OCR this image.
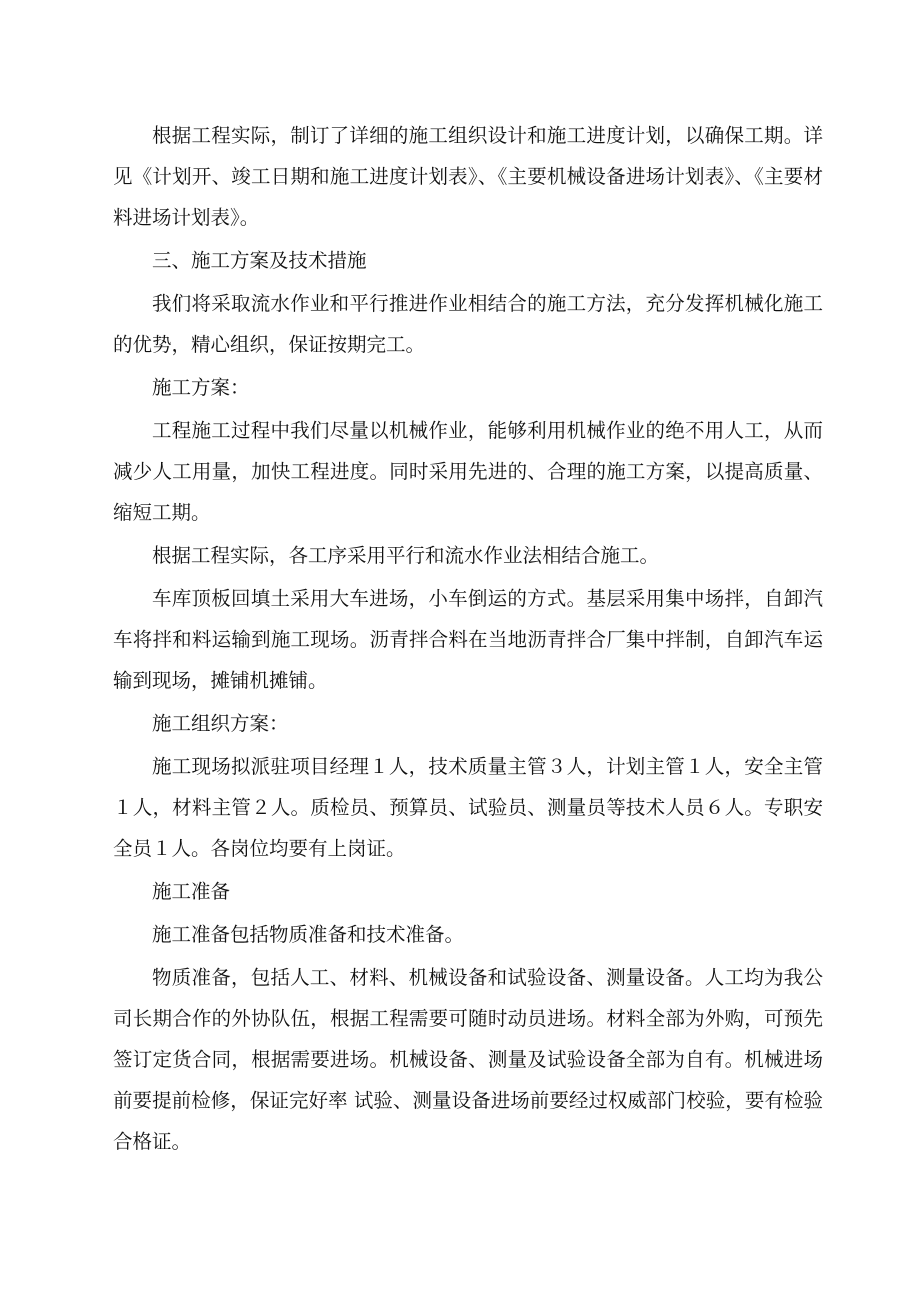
根据工程实际，制订了详细的施工组织设计和施工进度计划，以确保工期。详见《计划开、竣工日期和施工进度计划表》、《主要机械设备进场计划表》、《主要材料进场计划表》。

三、施工方案及技术措施

我们将采取流水作业和平行推进作业相结合的施工方法，充分发挥机械化施工的优势，精心组织，保证按期完工。

施工方案：

工程施工过程中我们尽量以机械作业，能够利用机械作业的绝不用人工，从而减少人工用量，加快工程进度。同时采用先进的、合理的施工方案，以提高质量、缩短工期。

根据工程实际，各工序采用平行和流水作业法相结合施工。

车库顶板回填土采用大车进场，小车倒运的方式。基层采用集中场拌，自卸汽车将拌和料运输到施工现场。沥青拌合料在当地沥青拌合厂集中拌制，自卸汽车运输到现场，摊铺机摊铺。

施工组织方案：

施工现场拟派驻项目经理１人，技术质量主管３人，计划主管１人，安全主管１人，材料主管２人。质检员、预算员、试验员、测量员等技术人员６人。专职安全员１人。各岗位均要有上岗证。

施工准备

施工准备包括物质准备和技术准备。

物质准备，包括人工、材料、机械设备和试验设备、测量设备。人工均为我公司长期合作的外协队伍，根据工程需要可随时动员进场。材料全部为外购，可预先签订定货合同，根据需要进场。机械设备、测量及试验设备全部为自有。机械进场前要提前检修，保证完好率 试验、测量设备进场前要经过权威部门校验，要有检验合格证。
